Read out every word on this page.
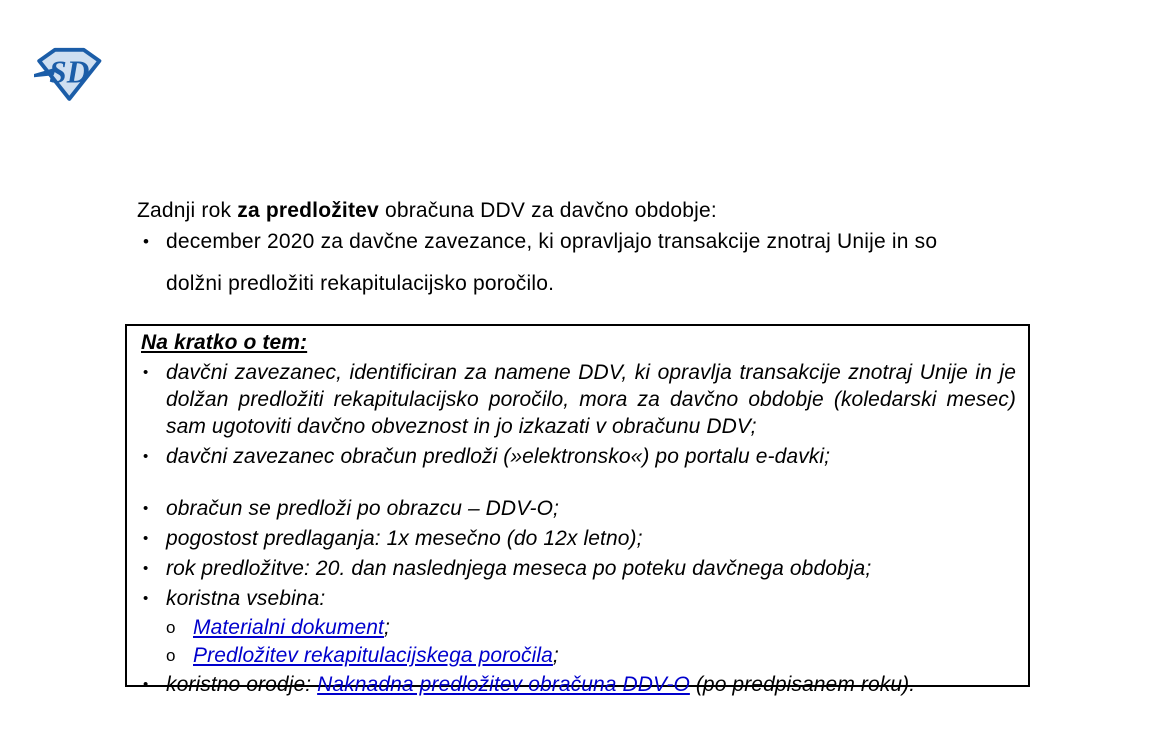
SD

Zadnji rok za predložitev obračuna DDV za davčno obdobje:

• december 2020 za davčne zavezance, ki opravljajo transakcije znotraj Unije in so
dolžni predložiti rekapitulacijsko poročilo.

Na kratko o tem:

• davčni zavezanec, identificiran za namene DDV, ki opravlja transakcije znotraj Unije in je dolžan predložiti rekapitulacijsko poročilo, mora za davčno obdobje (koledarski mesec) sam ugotoviti davčno obveznost in jo izkazati v obračunu DDV;
• davčni zavezanec obračun predloži (»elektronsko«) po portalu e-davki;
• obračun se predloži po obrazcu – DDV-O;
• pogostost predlaganja: 1x mesečno (do 12x letno);
• rok predložitve: 20. dan naslednjega meseca po poteku davčnega obdobja;
• koristna vsebina:
o Materialni dokument;
o Predložitev rekapitulacijskega poročila;
• koristno orodje: Naknadna predložitev obračuna DDV-O (po predpisanem roku).
